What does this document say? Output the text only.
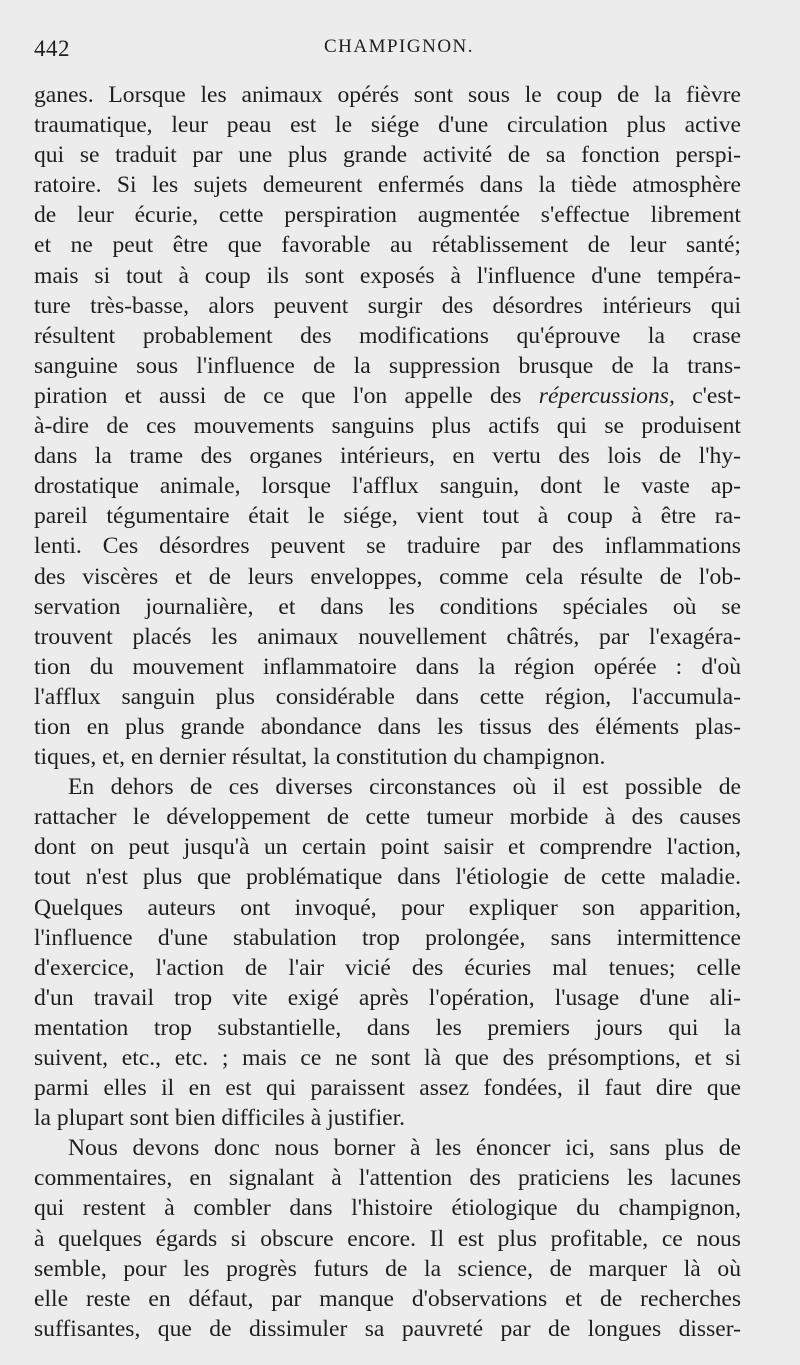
442	CHAMPIGNON.

ganes. Lorsque les animaux opérés sont sous le coup de la fièvre
traumatique, leur peau est le siége d'une circulation plus active
qui se traduit par une plus grande activité de sa fonction perspi-
ratoire. Si les sujets demeurent enfermés dans la tiède atmosphère
de leur écurie, cette perspiration augmentée s'effectue librement
et ne peut être que favorable au rétablissement de leur santé;
mais si tout à coup ils sont exposés à l'influence d'une tempéra-
ture très-basse, alors peuvent surgir des désordres intérieurs qui
résultent probablement des modifications qu'éprouve la crase
sanguine sous l'influence de la suppression brusque de la trans-
piration et aussi de ce que l'on appelle des répercussions, c'est-
à-dire de ces mouvements sanguins plus actifs qui se produisent
dans la trame des organes intérieurs, en vertu des lois de l'hy-
drostatique animale, lorsque l'afflux sanguin, dont le vaste ap-
pareil tégumentaire était le siége, vient tout à coup à être ra-
lenti. Ces désordres peuvent se traduire par des inflammations
des viscères et de leurs enveloppes, comme cela résulte de l'ob-
servation journalière, et dans les conditions spéciales où se
trouvent placés les animaux nouvellement châtrés, par l'exagéra-
tion du mouvement inflammatoire dans la région opérée : d'où
l'afflux sanguin plus considérable dans cette région, l'accumula-
tion en plus grande abondance dans les tissus des éléments plas-
tiques, et, en dernier résultat, la constitution du champignon.

En dehors de ces diverses circonstances où il est possible de
rattacher le développement de cette tumeur morbide à des causes
dont on peut jusqu'à un certain point saisir et comprendre l'action,
tout n'est plus que problématique dans l'étiologie de cette maladie.
Quelques auteurs ont invoqué, pour expliquer son apparition,
l'influence d'une stabulation trop prolongée, sans intermittence
d'exercice, l'action de l'air vicié des écuries mal tenues; celle
d'un travail trop vite exigé après l'opération, l'usage d'une ali-
mentation trop substantielle, dans les premiers jours qui la
suivent, etc., etc. ; mais ce ne sont là que des présomptions, et si
parmi elles il en est qui paraissent assez fondées, il faut dire que
la plupart sont bien difficiles à justifier.

Nous devons donc nous borner à les énoncer ici, sans plus de
commentaires, en signalant à l'attention des praticiens les lacunes
qui restent à combler dans l'histoire étiologique du champignon,
à quelques égards si obscure encore. Il est plus profitable, ce nous
semble, pour les progrès futurs de la science, de marquer là où
elle reste en défaut, par manque d'observations et de recherches
suffisantes, que de dissimuler sa pauvreté par de longues disser-
